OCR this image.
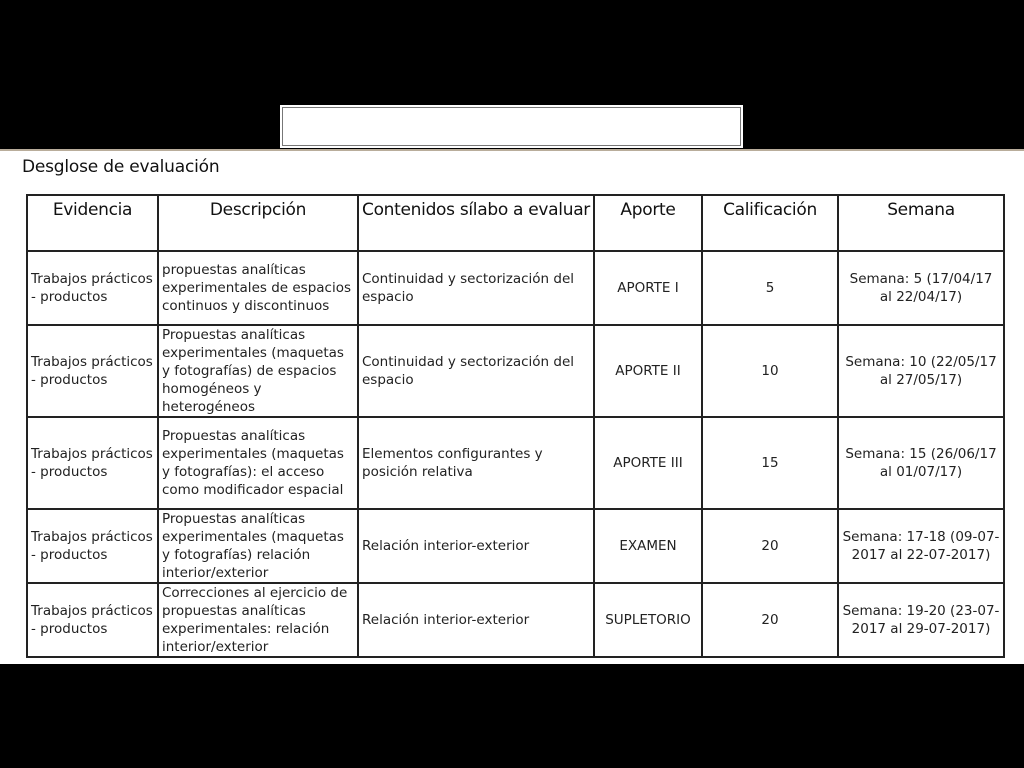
Desglose de evaluación
Evidencia	Descripción	Contenidos sílabo a evaluar	Aporte	Calificación	Semana
Trabajos prácticos - productos	propuestas analíticas experimentales de espacios continuos y discontinuos	Continuidad y sectorización del espacio	APORTE I	5	Semana: 5 (17/04/17 al 22/04/17)
Trabajos prácticos - productos	Propuestas analíticas experimentales (maquetas y fotografías) de espacios homogéneos y heterogéneos	Continuidad y sectorización del espacio	APORTE II	10	Semana: 10 (22/05/17 al 27/05/17)
Trabajos prácticos - productos	Propuestas analíticas experimentales (maquetas y fotografías): el acceso como modificador espacial	Elementos configurantes y posición relativa	APORTE III	15	Semana: 15 (26/06/17 al 01/07/17)
Trabajos prácticos - productos	Propuestas analíticas experimentales (maquetas y fotografías) relación interior/exterior	Relación interior-exterior	EXAMEN	20	Semana: 17-18 (09-07-2017 al 22-07-2017)
Trabajos prácticos - productos	Correcciones al ejercicio de propuestas analíticas experimentales: relación interior/exterior	Relación interior-exterior	SUPLETORIO	20	Semana: 19-20 (23-07-2017 al 29-07-2017)
